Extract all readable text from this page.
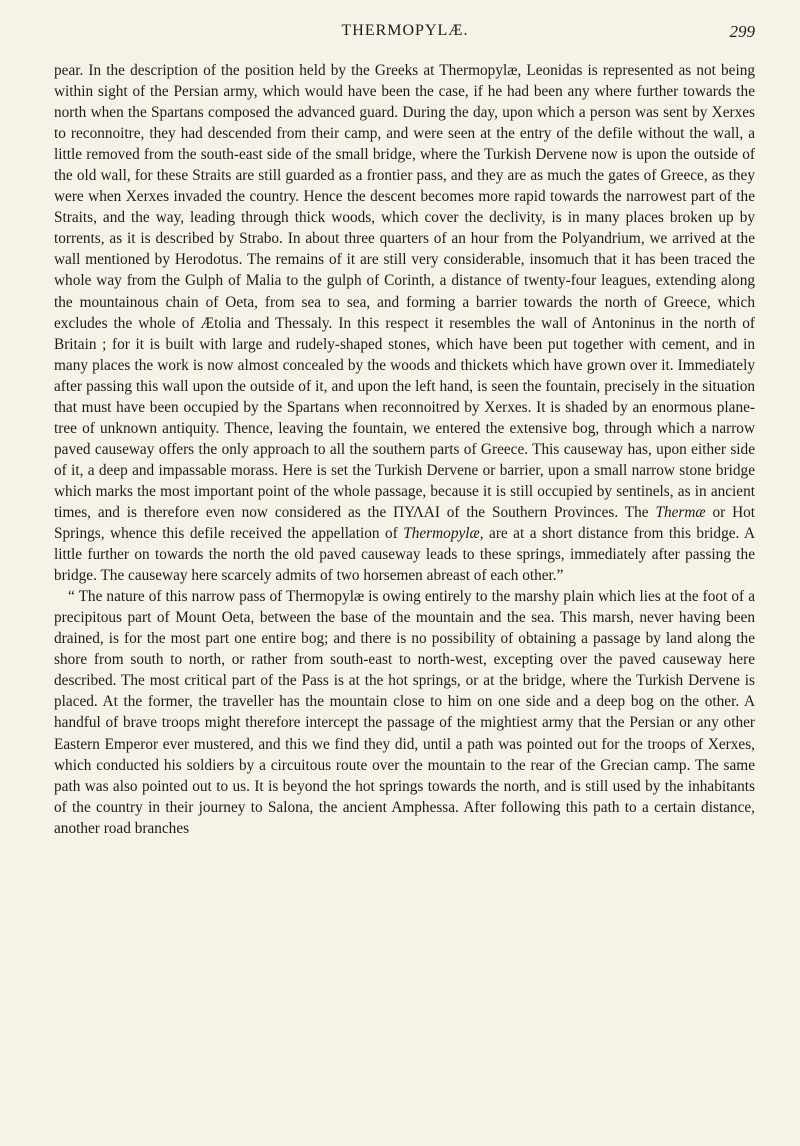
THERMOPYLÆ.	299

pear. In the description of the position held by the Greeks at Thermopylæ, Leonidas is represented as not being within sight of the Persian army, which would have been the case, if he had been any where further towards the north when the Spartans composed the advanced guard. During the day, upon which a person was sent by Xerxes to reconnoitre, they had descended from their camp, and were seen at the entry of the defile without the wall, a little removed from the south-east side of the small bridge, where the Turkish Dervene now is upon the outside of the old wall, for these Straits are still guarded as a frontier pass, and they are as much the gates of Greece, as they were when Xerxes invaded the country. Hence the descent becomes more rapid towards the narrowest part of the Straits, and the way, leading through thick woods, which cover the declivity, is in many places broken up by torrents, as it is described by Strabo. In about three quarters of an hour from the Polyandrium, we arrived at the wall mentioned by Herodotus. The remains of it are still very considerable, insomuch that it has been traced the whole way from the Gulph of Malia to the gulph of Corinth, a distance of twenty-four leagues, extending along the mountainous chain of Oeta, from sea to sea, and forming a barrier towards the north of Greece, which excludes the whole of Ætolia and Thessaly. In this respect it resembles the wall of Antoninus in the north of Britain ; for it is built with large and rudely-shaped stones, which have been put together with cement, and in many places the work is now almost concealed by the woods and thickets which have grown over it. Immediately after passing this wall upon the outside of it, and upon the left hand, is seen the fountain, precisely in the situation that must have been occupied by the Spartans when reconnoitred by Xerxes. It is shaded by an enormous plane-tree of unknown antiquity. Thence, leaving the fountain, we entered the extensive bog, through which a narrow paved causeway offers the only approach to all the southern parts of Greece. This causeway has, upon either side of it, a deep and impassable morass. Here is set the Turkish Dervene or barrier, upon a small narrow stone bridge which marks the most important point of the whole passage, because it is still occupied by sentinels, as in ancient times, and is therefore even now considered as the ΠΥΛΑΙ of the Southern Provinces. The Thermæ or Hot Springs, whence this defile received the appellation of Thermopylæ, are at a short distance from this bridge. A little further on towards the north the old paved causeway leads to these springs, immediately after passing the bridge. The causeway here scarcely admits of two horsemen abreast of each other.”

“ The nature of this narrow pass of Thermopylæ is owing entirely to the marshy plain which lies at the foot of a precipitous part of Mount Oeta, between the base of the mountain and the sea. This marsh, never having been drained, is for the most part one entire bog; and there is no possibility of obtaining a passage by land along the shore from south to north, or rather from south-east to north-west, excepting over the paved causeway here described. The most critical part of the Pass is at the hot springs, or at the bridge, where the Turkish Dervene is placed. At the former, the traveller has the mountain close to him on one side and a deep bog on the other. A handful of brave troops might therefore intercept the passage of the mightiest army that the Persian or any other Eastern Emperor ever mustered, and this we find they did, until a path was pointed out for the troops of Xerxes, which conducted his soldiers by a circuitous route over the mountain to the rear of the Grecian camp. The same path was also pointed out to us. It is beyond the hot springs towards the north, and is still used by the inhabitants of the country in their journey to Salona, the ancient Amphessa. After following this path to a certain distance, another road branches
